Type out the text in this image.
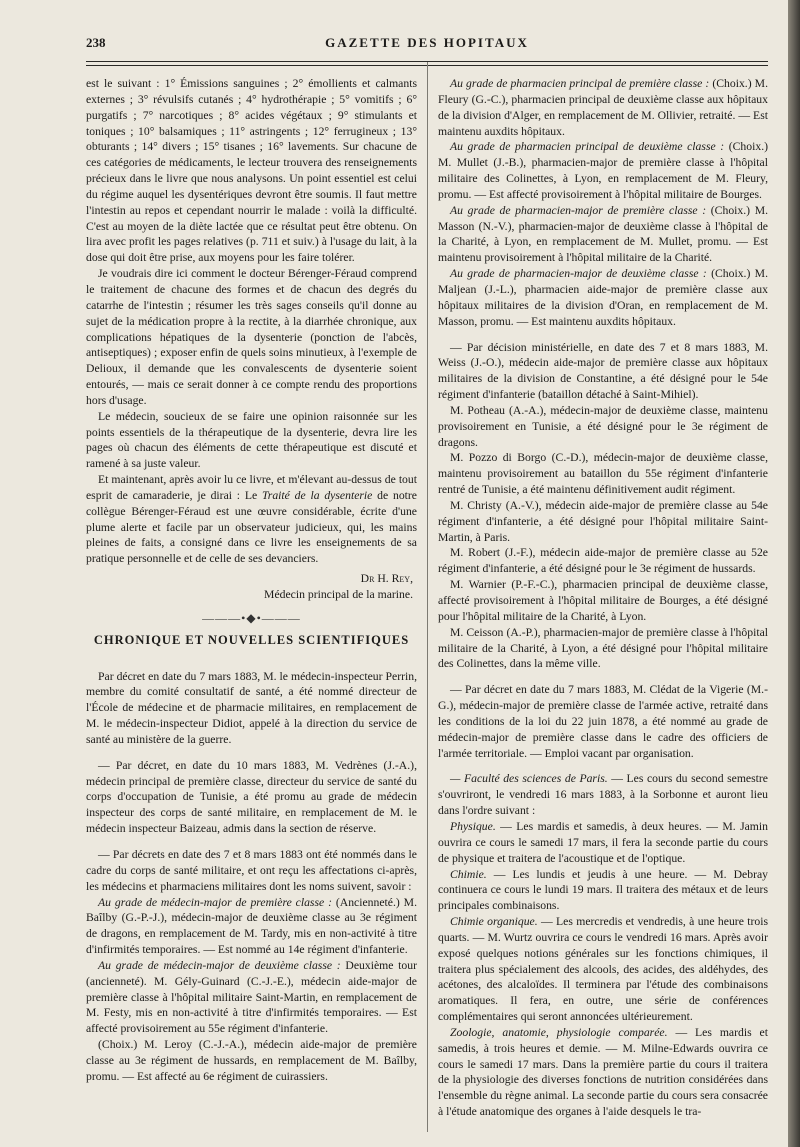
238	GAZETTE DES HOPITAUX

est le suivant : 1° Émissions sanguines ; 2° émollients et calmants externes ; 3° révulsifs cutanés ; 4° hydrothérapie ; 5° vomitifs ; 6° purgatifs ; 7° narcotiques ; 8° acides végétaux ; 9° stimulants et toniques ; 10° balsamiques ; 11° astringents ; 12° ferrugineux ; 13° obturants ; 14° divers ; 15° tisanes ; 16° lavements. Sur chacune de ces catégories de médicaments, le lecteur trouvera des renseignements précieux dans le livre que nous analysons. Un point essentiel est celui du régime auquel les dysentériques devront être soumis. Il faut mettre l'intestin au repos et cependant nourrir le malade : voilà la difficulté. C'est au moyen de la diète lactée que ce résultat peut être obtenu. On lira avec profit les pages relatives (p. 711 et suiv.) à l'usage du lait, à la dose qui doit être prise, aux moyens pour les faire tolérer.

Je voudrais dire ici comment le docteur Bérenger-Féraud comprend le traitement de chacune des formes et de chacun des degrés du catarrhe de l'intestin ; résumer les très sages conseils qu'il donne au sujet de la médication propre à la rectite, à la diarrhée chronique, aux complications hépatiques de la dysenterie (ponction de l'abcès, antiseptiques) ; exposer enfin de quels soins minutieux, à l'exemple de Delioux, il demande que les convalescents de dysenterie soient entourés, — mais ce serait donner à ce compte rendu des proportions hors d'usage.

Le médecin, soucieux de se faire une opinion raisonnée sur les points essentiels de la thérapeutique de la dysenterie, devra lire les pages où chacun des éléments de cette thérapeutique est discuté et ramené à sa juste valeur.

Et maintenant, après avoir lu ce livre, et m'élevant au-dessus de tout esprit de camaraderie, je dirai : Le Traité de la dysenterie de notre collègue Bérenger-Féraud est une œuvre considérable, écrite d'une plume alerte et facile par un observateur judicieux, qui, les mains pleines de faits, a consigné dans ce livre les enseignements de sa pratique personnelle et de celle de ses devanciers.

Dr H. Rey,
Médecin principal de la marine.
———•◆•———
CHRONIQUE ET NOUVELLES SCIENTIFIQUES

Par décret en date du 7 mars 1883, M. le médecin-inspecteur Perrin, membre du comité consultatif de santé, a été nommé directeur de l'École de médecine et de pharmacie militaires, en remplacement de M. le médecin-inspecteur Didiot, appelé à la direction du service de santé au ministère de la guerre.

— Par décret, en date du 10 mars 1883, M. Vedrènes (J.-A.), médecin principal de première classe, directeur du service de santé du corps d'occupation de Tunisie, a été promu au grade de médecin inspecteur des corps de santé militaire, en remplacement de M. le médecin inspecteur Baizeau, admis dans la section de réserve.

— Par décrets en date des 7 et 8 mars 1883 ont été nommés dans le cadre du corps de santé militaire, et ont reçu les affectations ci-après, les médecins et pharmaciens militaires dont les noms suivent, savoir :

Au grade de médecin-major de première classe : (Ancienneté.) M. Baîlby (G.-P.-J.), médecin-major de deuxième classe au 3e régiment de dragons, en remplacement de M. Tardy, mis en non-activité à titre d'infirmités temporaires. — Est nommé au 14e régiment d'infanterie.

Au grade de médecin-major de deuxième classe : Deuxième tour (ancienneté). M. Gély-Guinard (C.-J.-E.), médecin aide-major de première classe à l'hôpital militaire Saint-Martin, en remplacement de M. Festy, mis en non-activité à titre d'infirmités temporaires. — Est affecté provisoirement au 55e régiment d'infanterie.

(Choix.) M. Leroy (C.-J.-A.), médecin aide-major de première classe au 3e régiment de hussards, en remplacement de M. Baîlby, promu. — Est affecté au 6e régiment de cuirassiers.

Au grade de pharmacien principal de première classe : (Choix.) M. Fleury (G.-C.), pharmacien principal de deuxième classe aux hôpitaux de la division d'Alger, en remplacement de M. Ollivier, retraité. — Est maintenu auxdits hôpitaux.

Au grade de pharmacien principal de deuxième classe : (Choix.) M. Mullet (J.-B.), pharmacien-major de première classe à l'hôpital militaire des Colinettes, à Lyon, en remplacement de M. Fleury, promu. — Est affecté provisoirement à l'hôpital militaire de Bourges.

Au grade de pharmacien-major de première classe : (Choix.) M. Masson (N.-V.), pharmacien-major de deuxième classe à l'hôpital de la Charité, à Lyon, en remplacement de M. Mullet, promu. — Est maintenu provisoirement à l'hôpital militaire de la Charité.

Au grade de pharmacien-major de deuxième classe : (Choix.) M. Maljean (J.-L.), pharmacien aide-major de première classe aux hôpitaux militaires de la division d'Oran, en remplacement de M. Masson, promu. — Est maintenu auxdits hôpitaux.

— Par décision ministérielle, en date des 7 et 8 mars 1883, M. Weiss (J.-O.), médecin aide-major de première classe aux hôpitaux militaires de la division de Constantine, a été désigné pour le 54e régiment d'infanterie (bataillon détaché à Saint-Mihiel).

M. Potheau (A.-A.), médecin-major de deuxième classe, maintenu provisoirement en Tunisie, a été désigné pour le 3e régiment de dragons.

M. Pozzo di Borgo (C.-D.), médecin-major de deuxième classe, maintenu provisoirement au bataillon du 55e régiment d'infanterie rentré de Tunisie, a été maintenu définitivement audit régiment.

M. Christy (A.-V.), médecin aide-major de première classe au 54e régiment d'infanterie, a été désigné pour l'hôpital militaire Saint-Martin, à Paris.

M. Robert (J.-F.), médecin aide-major de première classe au 52e régiment d'infanterie, a été désigné pour le 3e régiment de hussards.

M. Warnier (P.-F.-C.), pharmacien principal de deuxième classe, affecté provisoirement à l'hôpital militaire de Bourges, a été désigné pour l'hôpital militaire de la Charité, à Lyon.

M. Ceisson (A.-P.), pharmacien-major de première classe à l'hôpital militaire de la Charité, à Lyon, a été désigné pour l'hôpital militaire des Colinettes, dans la même ville.

— Par décret en date du 7 mars 1883, M. Clédat de la Vigerie (M.-G.), médecin-major de première classe de l'armée active, retraité dans les conditions de la loi du 22 juin 1878, a été nommé au grade de médecin-major de première classe dans le cadre des officiers de l'armée territoriale. — Emploi vacant par organisation.

— Faculté des sciences de Paris. — Les cours du second semestre s'ouvriront, le vendredi 16 mars 1883, à la Sorbonne et auront lieu dans l'ordre suivant :

Physique. — Les mardis et samedis, à deux heures. — M. Jamin ouvrira ce cours le samedi 17 mars, il fera la seconde partie du cours de physique et traitera de l'acoustique et de l'optique.

Chimie. — Les lundis et jeudis à une heure. — M. Debray continuera ce cours le lundi 19 mars. Il traitera des métaux et de leurs principales combinaisons.

Chimie organique. — Les mercredis et vendredis, à une heure trois quarts. — M. Wurtz ouvrira ce cours le vendredi 16 mars. Après avoir exposé quelques notions générales sur les fonctions chimiques, il traitera plus spécialement des alcools, des acides, des aldéhydes, des acétones, des alcaloïdes. Il terminera par l'étude des combinaisons aromatiques. Il fera, en outre, une série de conférences complémentaires qui seront annoncées ultérieurement.

Zoologie, anatomie, physiologie comparée. — Les mardis et samedis, à trois heures et demie. — M. Milne-Edwards ouvrira ce cours le samedi 17 mars. Dans la première partie du cours il traitera de la physiologie des diverses fonctions de nutrition considérées dans l'ensemble du règne animal. La seconde partie du cours sera consacrée à l'étude anatomique des organes à l'aide desquels le tra-
